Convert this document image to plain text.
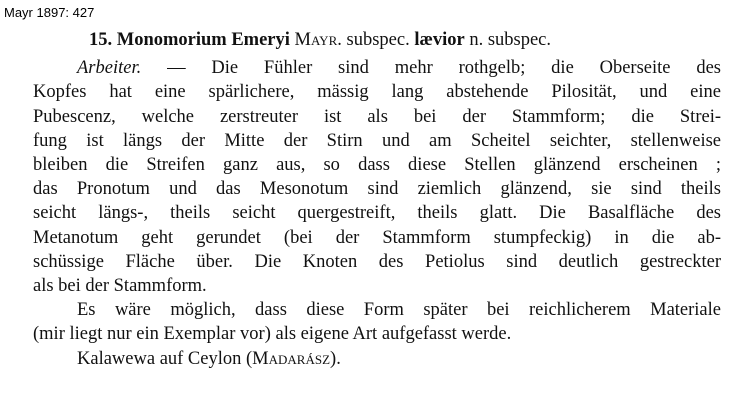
Mayr 1897: 427
15. Monomorium Emeryi Mayr. subspec. lævior n. subspec.

Arbeiter. — Die Fühler sind mehr rothgelb; die Oberseite des
Kopfes hat eine spärlichere, mässig lang abstehende Pilosität, und eine
Pubescenz, welche zerstreuter ist als bei der Stammform; die Strei-
fung ist längs der Mitte der Stirn und am Scheitel seichter, stellenweise
bleiben die Streifen ganz aus, so dass diese Stellen glänzend erscheinen ;
das Pronotum und das Mesonotum sind ziemlich glänzend, sie sind theils
seicht längs-, theils seicht quergestreift, theils glatt. Die Basalfläche des
Metanotum geht gerundet (bei der Stammform stumpfeckig) in die ab-
schüssige Fläche über. Die Knoten des Petiolus sind deutlich gestreckter
als bei der Stammform.

Es wäre möglich, dass diese Form später bei reichlicherem Materiale
(mir liegt nur ein Exemplar vor) als eigene Art aufgefasst werde.

Kalawewa auf Ceylon (Madarász).
